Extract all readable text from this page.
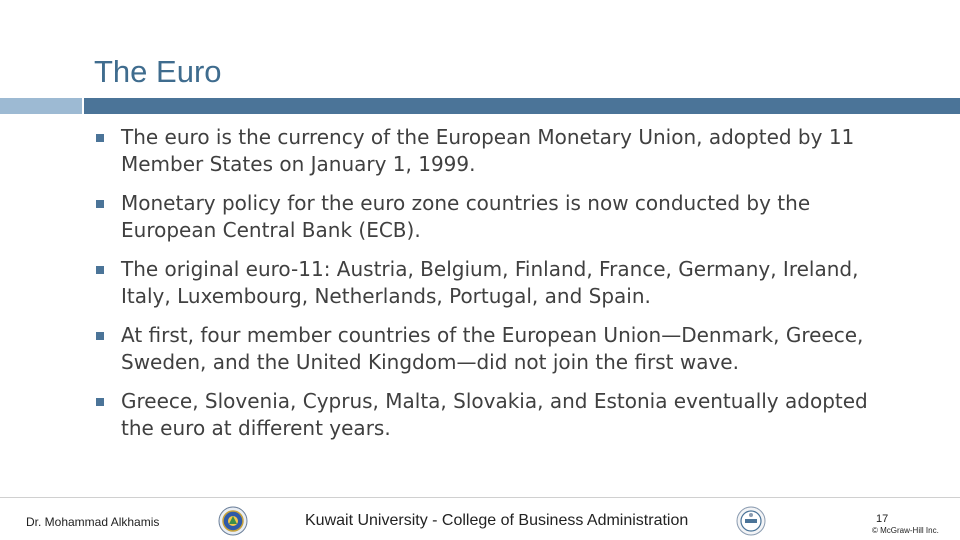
The Euro
The euro is the currency of the European Monetary Union, adopted by 11 Member States on January 1, 1999.
Monetary policy for the euro zone countries is now conducted by the European Central Bank (ECB).
The original euro-11: Austria, Belgium, Finland, France, Germany, Ireland, Italy, Luxembourg, Netherlands, Portugal, and Spain.
At first, four member countries of the European Union—Denmark, Greece, Sweden, and the United Kingdom—did not join the first wave.
Greece, Slovenia, Cyprus, Malta, Slovakia, and Estonia eventually adopted the euro at different years.
Dr. Mohammad Alkhamis	Kuwait University - College of Business Administration	17
© McGraw-Hill Inc.
